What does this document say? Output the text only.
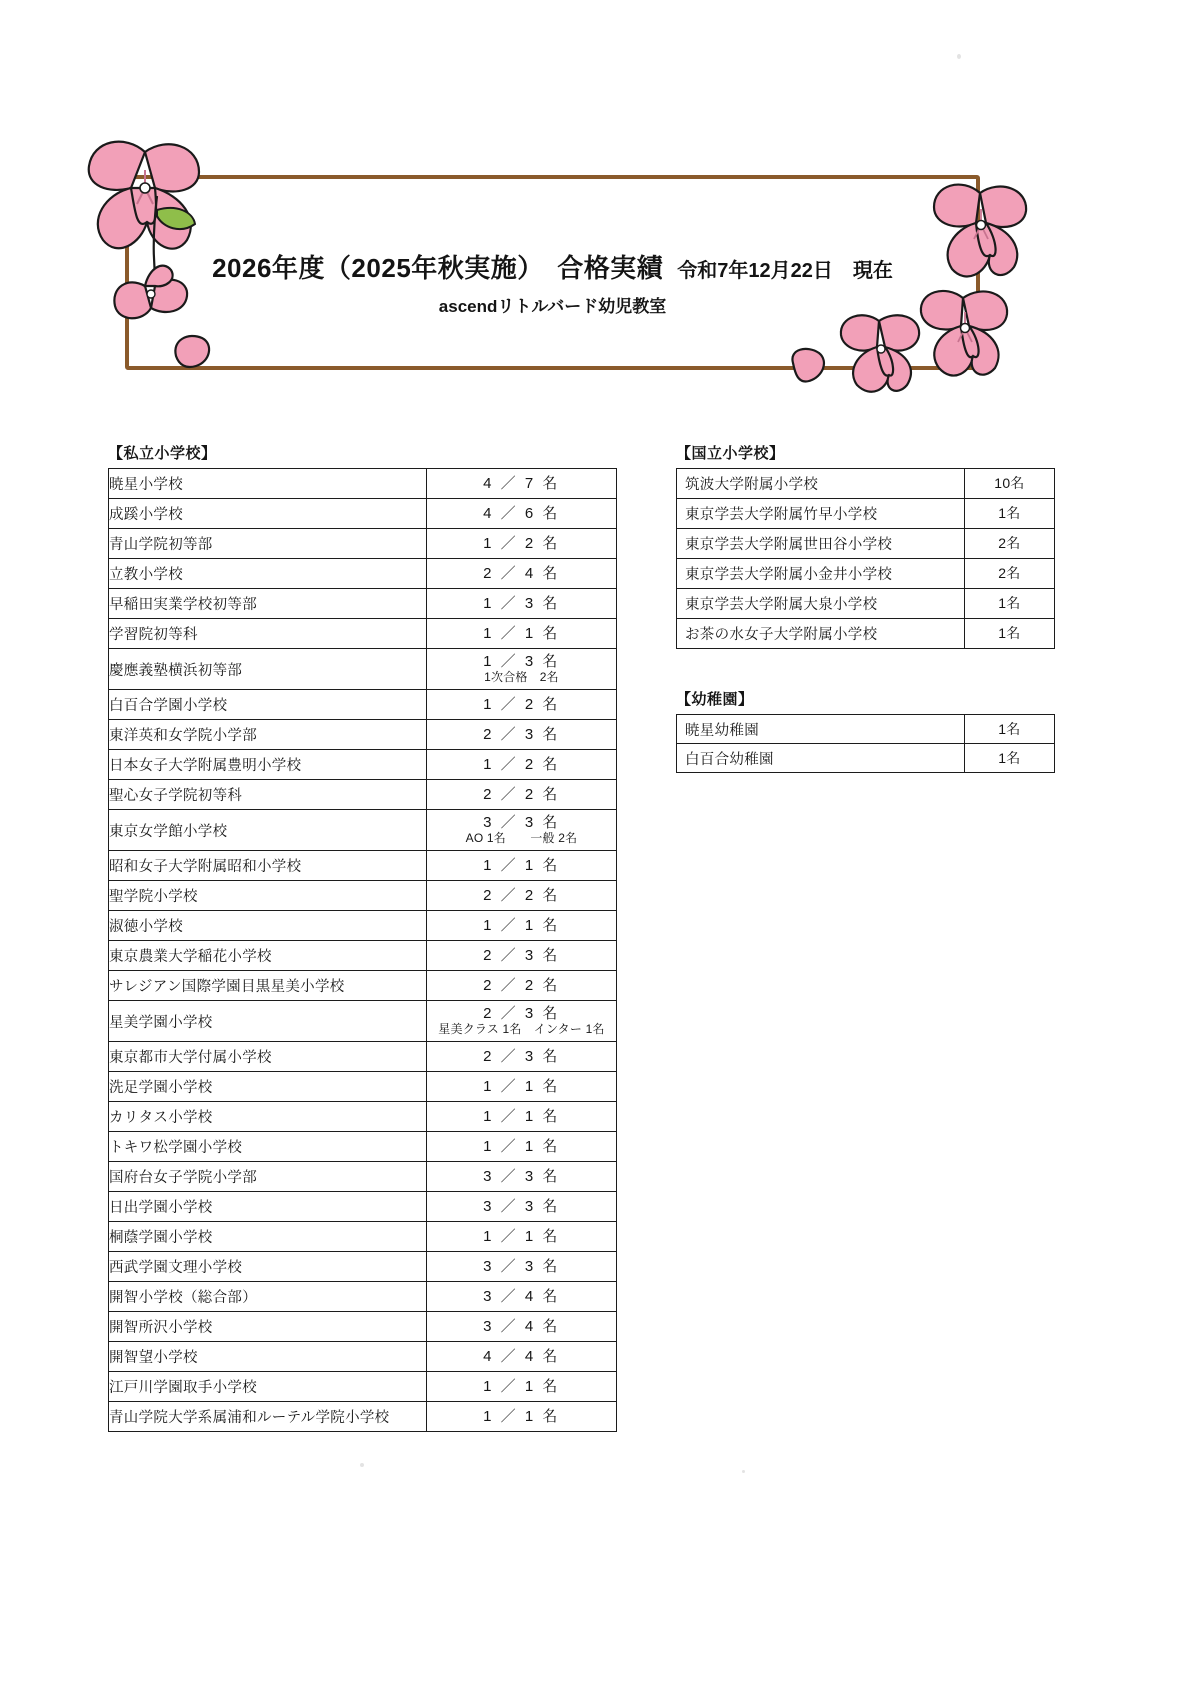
2026年度（2025年秋実施）　合格実績 令和7年12月22日　現在
ascendリトルバード幼児教室
【私立小学校】	【国立小学校】
【幼稚園】
暁星小学校	4 ／ 7 名

成蹊小学校	4 ／ 6 名

青山学院初等部	1 ／ 2 名

立教小学校	2 ／ 4 名

早稲田実業学校初等部	1 ／ 3 名

学習院初等科	1 ／ 1 名

慶應義塾横浜初等部	1 ／ 3 名
1次合格　2名

白百合学園小学校	1 ／ 2 名

東洋英和女学院小学部	2 ／ 3 名

日本女子大学附属豊明小学校	1 ／ 2 名

聖心女子学院初等科	2 ／ 2 名

東京女学館小学校	3 ／ 3 名
AO 1名　　一般 2名

昭和女子大学附属昭和小学校	1 ／ 1 名

聖学院小学校	2 ／ 2 名

淑徳小学校	1 ／ 1 名

東京農業大学稲花小学校	2 ／ 3 名

サレジアン国際学園目黒星美小学校	2 ／ 2 名

星美学園小学校	2 ／ 3 名
星美クラス 1名　インター 1名

東京都市大学付属小学校	2 ／ 3 名

洗足学園小学校	1 ／ 1 名

カリタス小学校	1 ／ 1 名

トキワ松学園小学校	1 ／ 1 名

国府台女子学院小学部	3 ／ 3 名

日出学園小学校	3 ／ 3 名

桐蔭学園小学校	1 ／ 1 名

西武学園文理小学校	3 ／ 3 名

開智小学校（総合部）	3 ／ 4 名

開智所沢小学校	3 ／ 4 名

開智望小学校	4 ／ 4 名

江戸川学園取手小学校	1 ／ 1 名

青山学院大学系属浦和ルーテル学院小学校	1 ／ 1 名
筑波大学附属小学校	10名
東京学芸大学附属竹早小学校	1名
東京学芸大学附属世田谷小学校	2名
東京学芸大学附属小金井小学校	2名
東京学芸大学附属大泉小学校	1名
お茶の水女子大学附属小学校	1名
暁星幼稚園	1名
白百合幼稚園	1名
